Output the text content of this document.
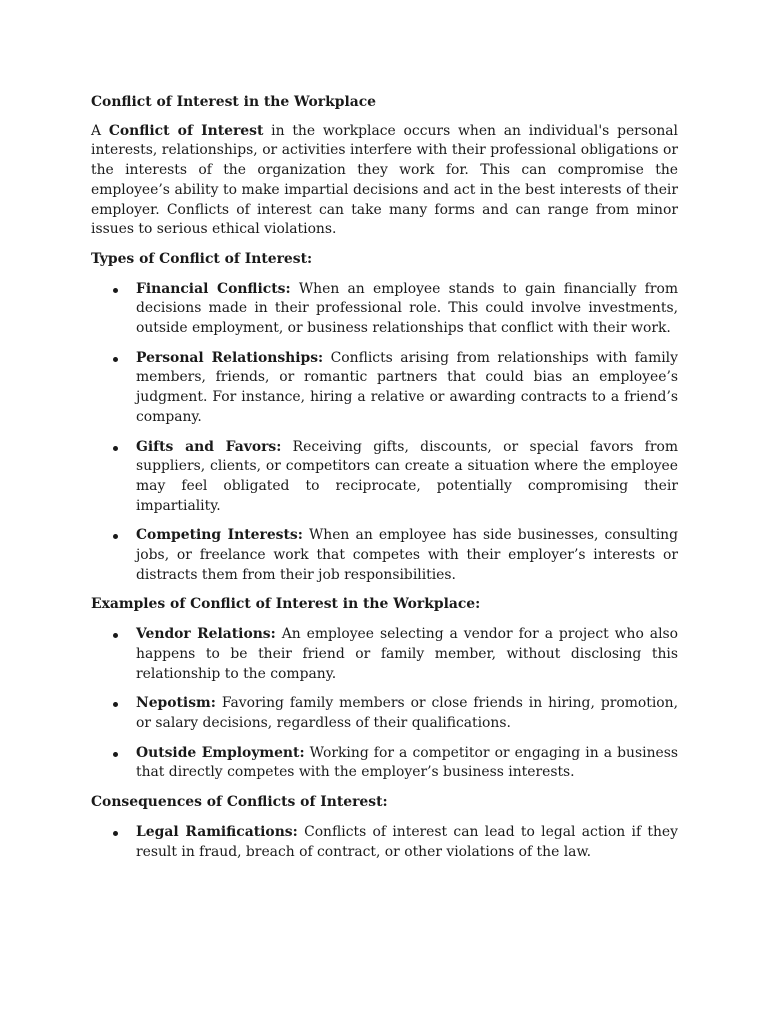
Conflict of Interest in the Workplace

A Conflict of Interest in the workplace occurs when an individual's personal interests, relationships, or activities interfere with their professional obligations or the interests of the organization they work for. This can compromise the employee’s ability to make impartial decisions and act in the best interests of their employer. Conflicts of interest can take many forms and can range from minor issues to serious ethical violations.

Types of Conflict of Interest:

Financial Conflicts: When an employee stands to gain financially from decisions made in their professional role. This could involve investments, outside employment, or business relationships that conflict with their work.
Personal Relationships: Conflicts arising from relationships with family members, friends, or romantic partners that could bias an employee’s judgment. For instance, hiring a relative or awarding contracts to a friend’s company.
Gifts and Favors: Receiving gifts, discounts, or special favors from suppliers, clients, or competitors can create a situation where the employee may feel obligated to reciprocate, potentially compromising their impartiality.
Competing Interests: When an employee has side businesses, consulting jobs, or freelance work that competes with their employer’s interests or distracts them from their job responsibilities.

Examples of Conflict of Interest in the Workplace:

Vendor Relations: An employee selecting a vendor for a project who also happens to be their friend or family member, without disclosing this relationship to the company.
Nepotism: Favoring family members or close friends in hiring, promotion, or salary decisions, regardless of their qualifications.
Outside Employment: Working for a competitor or engaging in a business that directly competes with the employer’s business interests.

Consequences of Conflicts of Interest:

Legal Ramifications: Conflicts of interest can lead to legal action if they result in fraud, breach of contract, or other violations of the law.
